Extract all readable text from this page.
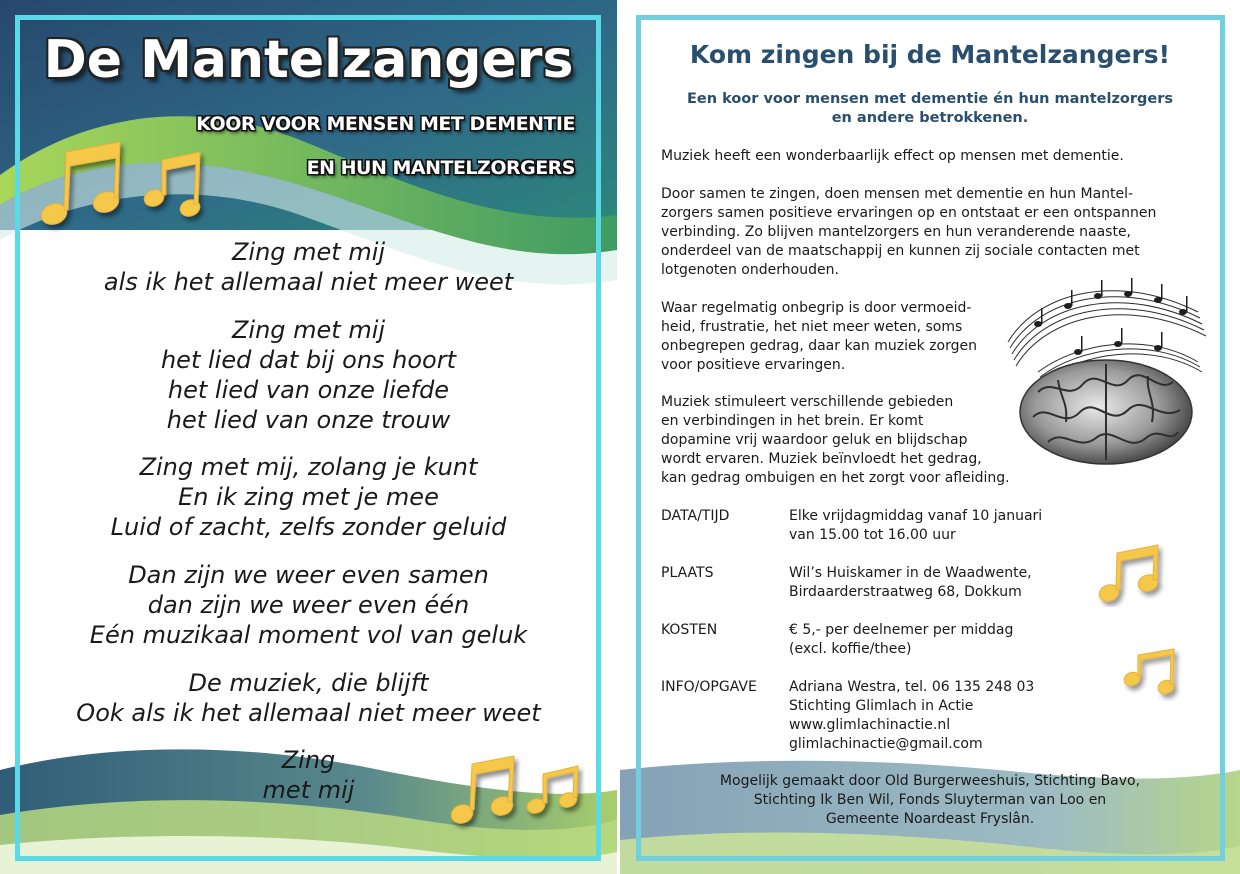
De Mantelzangers
KOOR VOOR MENSEN MET DEMENTIE
EN HUN MANTELZORGERS
Zing met mij
als ik het allemaal niet meer weet
Zing met mij
het lied dat bij ons hoort
het lied van onze liefde
het lied van onze trouw
Zing met mij, zolang je kunt
En ik zing met je mee
Luid of zacht, zelfs zonder geluid
Dan zijn we weer even samen
dan zijn we weer even één
Eén muzikaal moment vol van geluk
De muziek, die blijft
Ook als ik het allemaal niet meer weet
Zing
met mij
Kom zingen bij de Mantelzangers!
Een koor voor mensen met dementie én hun mantelzorgers
en andere betrokkenen.
Muziek heeft een wonderbaarlijk effect op mensen met dementie.
Door samen te zingen, doen mensen met dementie en hun Mantel-
zorgers samen positieve ervaringen op en ontstaat er een ontspannen
verbinding. Zo blijven mantelzorgers en hun veranderende naaste,
onderdeel van de maatschappij en kunnen zij sociale contacten met
lotgenoten onderhouden.
Waar regelmatig onbegrip is door vermoeid-
heid, frustratie, het niet meer weten, soms
onbegrepen gedrag, daar kan muziek zorgen
voor positieve ervaringen.
Muziek stimuleert verschillende gebieden
en verbindingen in het brein. Er komt
dopamine vrij waardoor geluk en blijdschap
wordt ervaren. Muziek beïnvloedt het gedrag,
kan gedrag ombuigen en het zorgt voor afleiding.
DATA/TIJD	Elke vrijdagmiddag vanaf 10 januari
van 15.00 tot 16.00 uur
PLAATS	Wil’s Huiskamer in de Waadwente,
Birdaarderstraatweg 68, Dokkum
KOSTEN	€ 5,- per deelnemer per middag
(excl. koffie/thee)
INFO/OPGAVE Adriana Westra, tel. 06 135 248 03
Stichting Glimlach in Actie
www.glimlachinactie.nl
glimlachinactie@gmail.com
Mogelijk gemaakt door Old Burgerweeshuis, Stichting Bavo,
Stichting Ik Ben Wil, Fonds Sluyterman van Loo en
Gemeente Noardeast Fryslân.
